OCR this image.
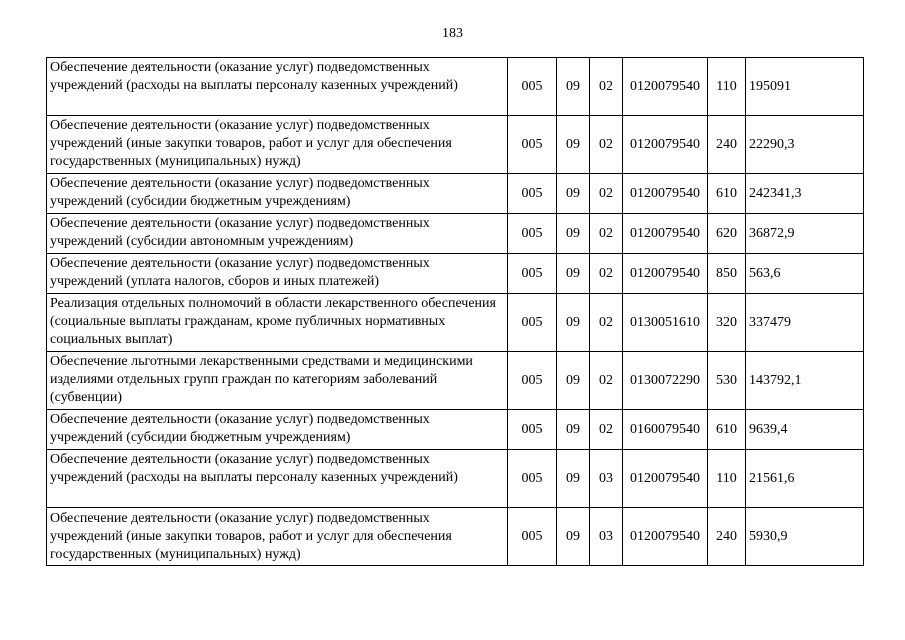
183
Обеспечение деятельности (оказание услуг) подведомственных учреждений (расходы на выплаты персоналу казенных учреждений)	005	09	02	0120079540	110	195091
Обеспечение деятельности (оказание услуг) подведомственных учреждений (иные закупки товаров, работ и услуг для обеспечения государственных (муниципальных) нужд)	005	09	02	0120079540	240	22290,3
Обеспечение деятельности (оказание услуг) подведомственных учреждений (субсидии бюджетным учреждениям)	005	09	02	0120079540	610	242341,3
Обеспечение деятельности (оказание услуг) подведомственных учреждений (субсидии автономным учреждениям)	005	09	02	0120079540	620	36872,9
Обеспечение деятельности (оказание услуг) подведомственных учреждений (уплата налогов, сборов и иных платежей)	005	09	02	0120079540	850	563,6
Реализация отдельных полномочий в области лекарственного обеспечения (социальные выплаты гражданам, кроме публичных нормативных социальных выплат)	005	09	02	0130051610	320	337479
Обеспечение льготными лекарственными средствами и медицинскими изделиями отдельных групп граждан по категориям заболеваний (субвенции)	005	09	02	0130072290	530	143792,1
Обеспечение деятельности (оказание услуг) подведомственных учреждений (субсидии бюджетным учреждениям)	005	09	02	0160079540	610	9639,4
Обеспечение деятельности (оказание услуг) подведомственных учреждений (расходы на выплаты персоналу казенных учреждений)	005	09	03	0120079540	110	21561,6
Обеспечение деятельности (оказание услуг) подведомственных учреждений (иные закупки товаров, работ и услуг для обеспечения государственных (муниципальных) нужд)	005	09	03	0120079540	240	5930,9
